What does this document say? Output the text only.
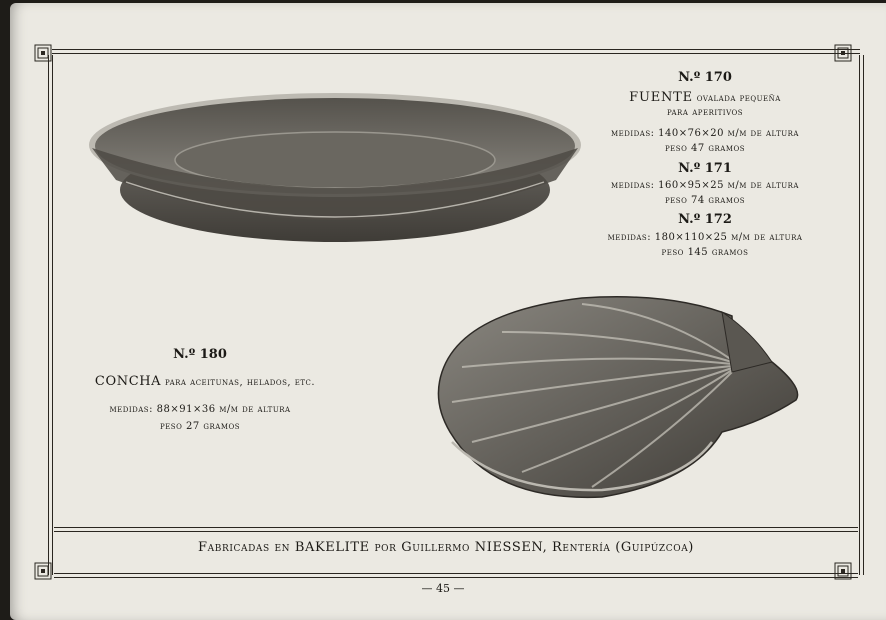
N.º 170
FUENTE ovalada pequeña
para aperitivos
medidas: 140×76×20 m/m de altura
peso 47 gramos
N.º 171
medidas: 160×95×25 m/m de altura
peso 74 gramos
N.º 172
medidas: 180×110×25 m/m de altura
peso 145 gramos
N.º 180
CONCHA para aceitunas, helados, etc.
medidas: 88×91×36 m/m de altura
peso 27 gramos
Fabricadas en BAKELITE por Guillermo NIESSEN, Rentería (Guipúzcoa)
— 45 —
